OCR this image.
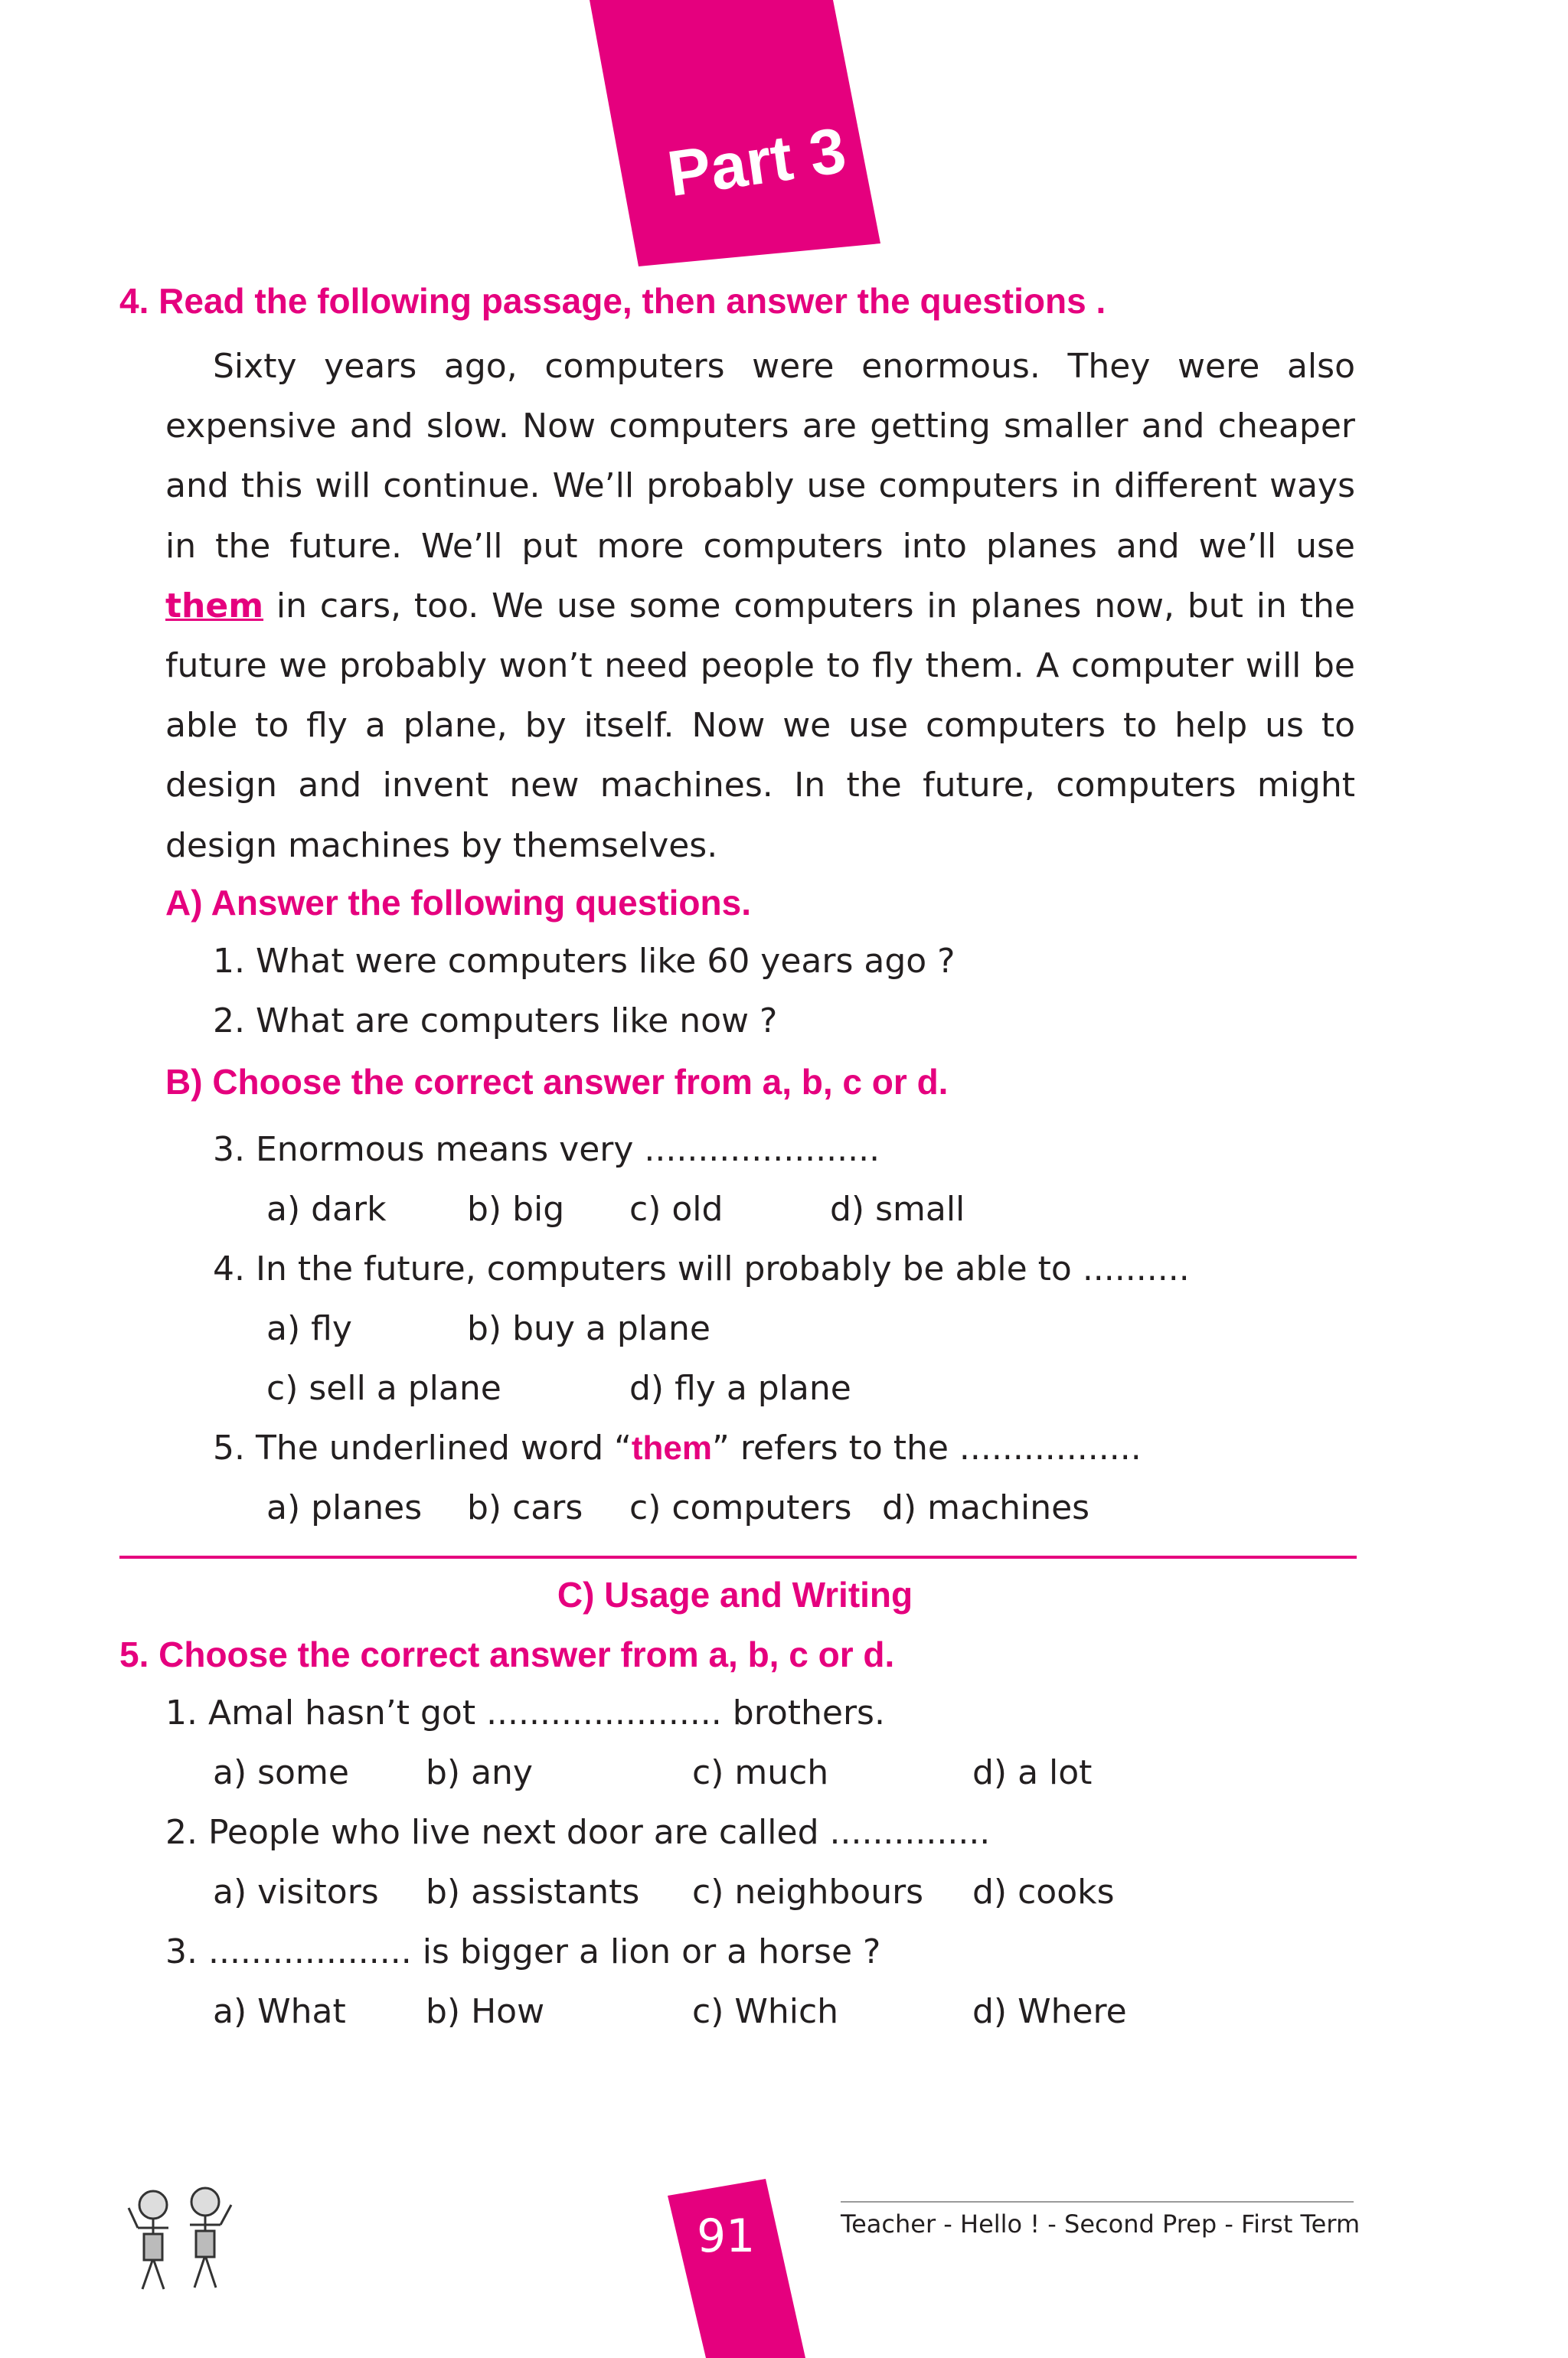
Part 3
4. Read the following passage, then answer the questions .
Sixty years ago, computers were enormous. They were also expensive and slow. Now computers are getting smaller and cheaper and this will continue. We’ll probably use computers in different ways in the future. We’ll put more computers into planes and we’ll use them in cars, too. We use some computers in planes now, but in the future we probably won’t need people to fly them. A computer will be able to fly a plane, by itself. Now we use computers to help us to design and invent new machines. In the future, computers might design machines by themselves.
A) Answer the following questions.
1. What were computers like 60 years ago ?
2. What are computers like now ?
B) Choose the correct answer from a, b, c or d.
3. Enormous means very ......................
a) dark b) big c) old	d) small
4. In the future, computers will probably be able to ..........
a) fly	b) buy a plane
c) sell a plane	d) fly a plane
5. The underlined word “them” refers to the .................
a) planes b) cars c) computers d) machines
C) Usage and Writing
5. Choose the correct answer from a, b, c or d.
1. Amal hasn’t got ...................... brothers.
a) some b) any	c) much	d) a lot
2. People who live next door are called ...............
a) visitors b) assistants c) neighbours d) cooks
3. ................... is bigger a lion or a horse ?
a) What b) How	c) Which	d) Where
91	Teacher - Hello ! - Second Prep - First Term
